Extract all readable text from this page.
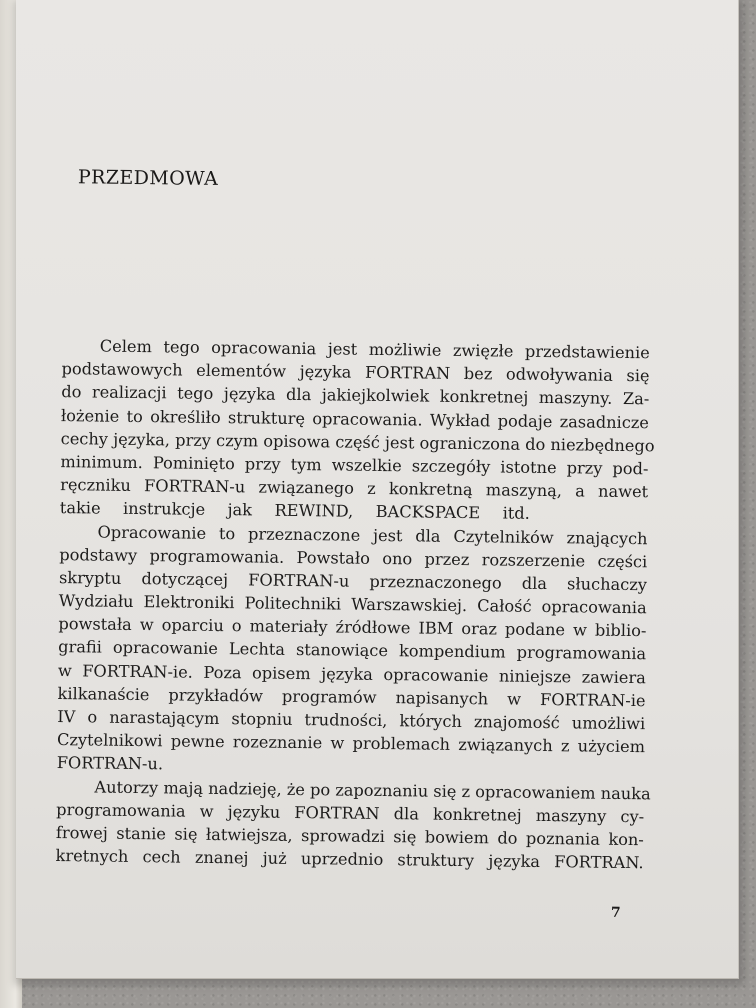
PRZEDMOWA
Celem tego opracowania jest możliwie zwięzłe przedstawienie
podstawowych elementów języka FORTRAN bez odwoływania się
do realizacji tego języka dla jakiejkolwiek konkretnej maszyny. Za-
łożenie to określiło strukturę opracowania. Wykład podaje zasadnicze
cechy języka, przy czym opisowa część jest ograniczona do niezbędnego
minimum. Pominięto przy tym wszelkie szczegóły istotne przy pod-
ręczniku FORTRAN-u związanego z konkretną maszyną, a nawet
takie instrukcje jak REWIND, BACKSPACE itd.
Opracowanie to przeznaczone jest dla Czytelników znających
podstawy programowania. Powstało ono przez rozszerzenie części
skryptu dotyczącej FORTRAN-u przeznaczonego dla słuchaczy
Wydziału Elektroniki Politechniki Warszawskiej. Całość opracowania
powstała w oparciu o materiały źródłowe IBM oraz podane w biblio-
grafii opracowanie Lechta stanowiące kompendium programowania
w FORTRAN-ie. Poza opisem języka opracowanie niniejsze zawiera
kilkanaście przykładów programów napisanych w FORTRAN-ie
IV o narastającym stopniu trudności, których znajomość umożliwi
Czytelnikowi pewne rozeznanie w problemach związanych z użyciem
FORTRAN-u.
Autorzy mają nadzieję, że po zapoznaniu się z opracowaniem nauka
programowania w języku FORTRAN dla konkretnej maszyny cy-
frowej stanie się łatwiejsza, sprowadzi się bowiem do poznania kon-
kretnych cech znanej już uprzednio struktury języka FORTRAN.
7
